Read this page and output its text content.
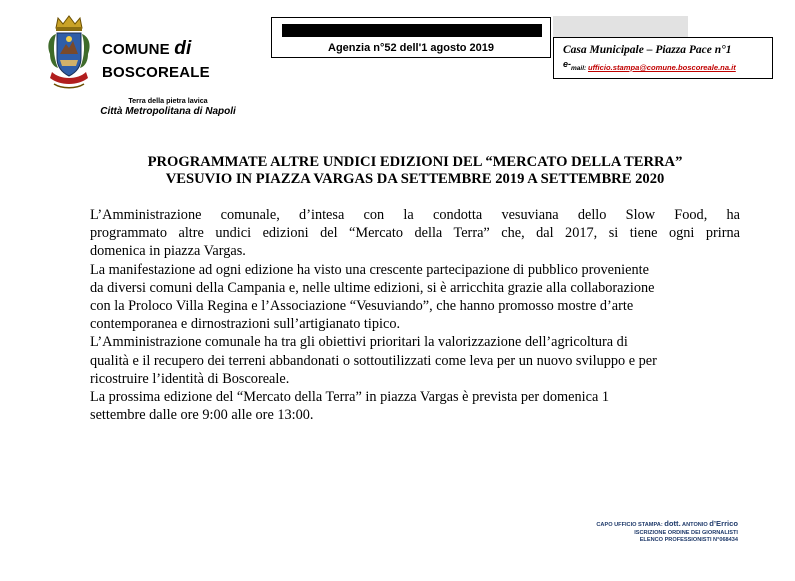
COMUNE di
BOSCOREALE
Terra della pietra lavica
Città Metropolitana di Napoli
Agenzia n°52 dell'1 agosto 2019	Casa Municipale – Piazza Pace n°1
e-mail: ufficio.stampa@comune.boscoreale.na.it
PROGRAMMATE ALTRE UNDICI EDIZIONI DEL “MERCATO DELLA TERRA”
VESUVIO IN PIAZZA VARGAS DA SETTEMBRE 2019 A SETTEMBRE 2020
L’Amministrazione comunale, d’intesa con la condotta vesuviana dello Slow Food, ha
programmato altre undici edizioni del “Mercato della Terra” che, dal 2017, si tiene ogni prirna
domenica in piazza Vargas.
La manifestazione ad ogni edizione ha visto una crescente partecipazione di pubblico proveniente
da diversi comuni della Campania e, nelle ultime edizioni, si è arricchita grazie alla collaborazione
con la Proloco Villa Regina e l’Associazione “Vesuviando”, che hanno promosso mostre d’arte
contemporanea e dirnostrazioni sull’artigianato tipico.
L’Amministrazione comunale ha tra gli obiettivi prioritari la valorizzazione dell’agricoltura di
qualità e il recupero dei terreni abbandonati o sottoutilizzati come leva per un nuovo sviluppo e per
ricostruire l’identità di Boscoreale.
La prossima edizione del “Mercato della Terra” in piazza Vargas è prevista per domenica 1
settembre dalle ore 9:00 alle ore 13:00.
CAPO UFFICIO STAMPA: dott. ANTONIO d’Errico
ISCRIZIONE ORDINE DEI GIORNALISTI
ELENCO PROFESSIONISTI N°068434
